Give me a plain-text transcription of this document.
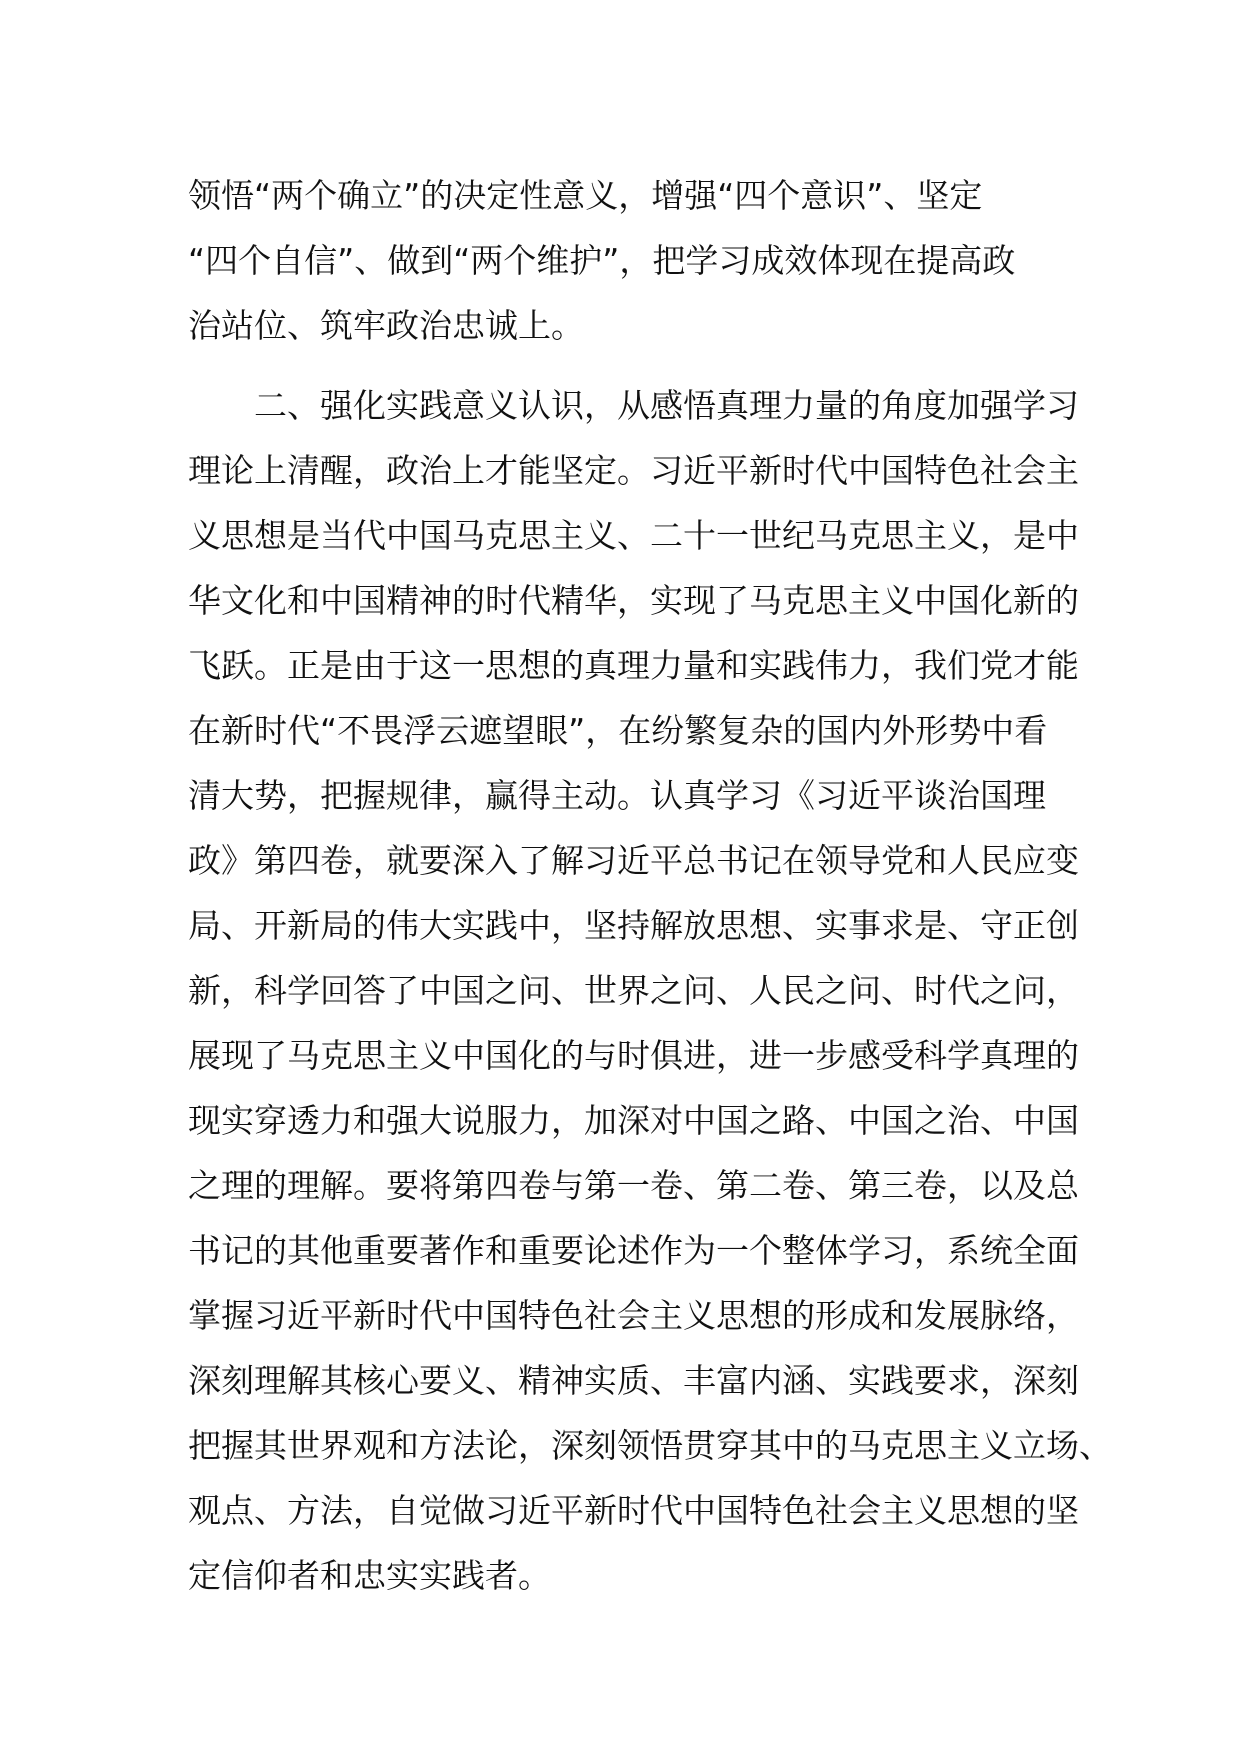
领悟“两个确立”的决定性意义，增强“四个意识”、坚定
“四个自信”、做到“两个维护”，把学习成效体现在提高政
治站位、筑牢政治忠诚上。
　　二、强化实践意义认识，从感悟真理力量的角度加强学习
理论上清醒，政治上才能坚定。习近平新时代中国特色社会主
义思想是当代中国马克思主义、二十一世纪马克思主义，是中
华文化和中国精神的时代精华，实现了马克思主义中国化新的
飞跃。正是由于这一思想的真理力量和实践伟力，我们党才能
在新时代“不畏浮云遮望眼”，在纷繁复杂的国内外形势中看
清大势，把握规律，赢得主动。认真学习《习近平谈治国理
政》第四卷，就要深入了解习近平总书记在领导党和人民应变
局、开新局的伟大实践中，坚持解放思想、实事求是、守正创
新，科学回答了中国之问、世界之问、人民之问、时代之问，
展现了马克思主义中国化的与时俱进，进一步感受科学真理的
现实穿透力和强大说服力，加深对中国之路、中国之治、中国
之理的理解。要将第四卷与第一卷、第二卷、第三卷，以及总
书记的其他重要著作和重要论述作为一个整体学习，系统全面
掌握习近平新时代中国特色社会主义思想的形成和发展脉络，
深刻理解其核心要义、精神实质、丰富内涵、实践要求，深刻
把握其世界观和方法论，深刻领悟贯穿其中的马克思主义立场、
观点、方法，自觉做习近平新时代中国特色社会主义思想的坚
定信仰者和忠实实践者。
